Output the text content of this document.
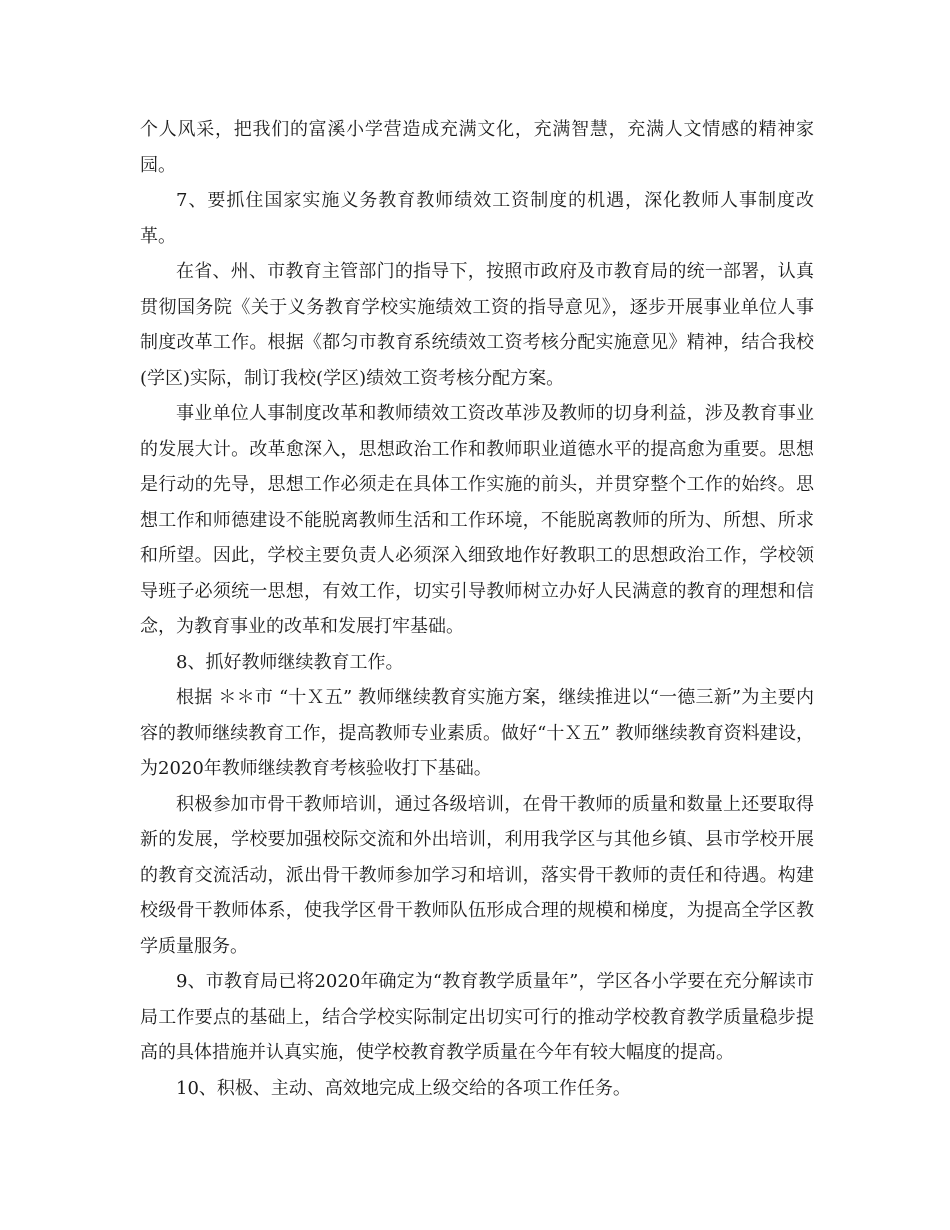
个人风采，把我们的富溪小学营造成充满文化，充满智慧，充满人文情感的精神家园。

7、要抓住国家实施义务教育教师绩效工资制度的机遇，深化教师人事制度改革。

在省、州、市教育主管部门的指导下，按照市政府及市教育局的统一部署，认真贯彻国务院《关于义务教育学校实施绩效工资的指导意见》，逐步开展事业单位人事制度改革工作。根据《都匀市教育系统绩效工资考核分配实施意见》精神，结合我校(学区)实际，制订我校(学区)绩效工资考核分配方案。

事业单位人事制度改革和教师绩效工资改革涉及教师的切身利益，涉及教育事业的发展大计。改革愈深入，思想政治工作和教师职业道德水平的提高愈为重要。思想是行动的先导，思想工作必须走在具体工作实施的前头，并贯穿整个工作的始终。思想工作和师德建设不能脱离教师生活和工作环境，不能脱离教师的所为、所想、所求和所望。因此，学校主要负责人必须深入细致地作好教职工的思想政治工作，学校领导班子必须统一思想，有效工作，切实引导教师树立办好人民满意的教育的理想和信念，为教育事业的改革和发展打牢基础。

8、抓好教师继续教育工作。

根据 ＊＊市 “十Ｘ五” 教师继续教育实施方案，继续推进以“一德三新”为主要内容的教师继续教育工作，提高教师专业素质。做好“十Ｘ五” 教师继续教育资料建设，为2020年教师继续教育考核验收打下基础。

积极参加市骨干教师培训，通过各级培训，在骨干教师的质量和数量上还要取得新的发展，学校要加强校际交流和外出培训，利用我学区与其他乡镇、县市学校开展的教育交流活动，派出骨干教师参加学习和培训，落实骨干教师的责任和待遇。构建校级骨干教师体系，使我学区骨干教师队伍形成合理的规模和梯度，为提高全学区教学质量服务。

9、市教育局已将2020年确定为“教育教学质量年”，学区各小学要在充分解读市局工作要点的基础上，结合学校实际制定出切实可行的推动学校教育教学质量稳步提高的具体措施并认真实施，使学校教育教学质量在今年有较大幅度的提高。

10、积极、主动、高效地完成上级交给的各项工作任务。
